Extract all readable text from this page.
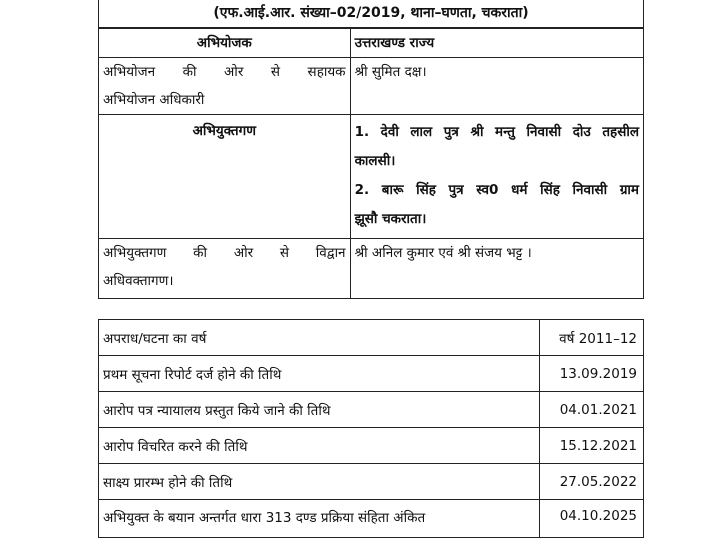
(एफ.आई.आर. संख्या–02/2019, थाना–घणता, चकराता)
अभियोजक	उत्तराखण्ड राज्य

अभियोजन की ओर से सहायक
अभियोजन अधिकारी	श्री सुमित दक्ष।
अभियुक्तगण	1. देवी लाल पुत्र श्री मन्तु निवासी दोउ तहसील
कालसी।
2. बारू सिंह पुत्र स्व0 धर्म सिंह निवासी ग्राम
झूसौ चकराता।

अभियुक्तगण की ओर से विद्वान
अधिवक्तागण।	श्री अनिल कुमार एवं श्री संजय भट्ट ।
अपराध/घटना का वर्ष	वर्ष 2011–12
प्रथम सूचना रिपोर्ट दर्ज होने की तिथि	13.09.2019
आरोप पत्र न्यायालय प्रस्तुत किये जाने की तिथि	04.01.2021
आरोप विचरित करने की तिथि	15.12.2021
साक्ष्य प्रारम्भ होने की तिथि	27.05.2022
अभियुक्त के बयान अन्तर्गत धारा 313 दण्ड प्रक्रिया संहिता अंकित	04.10.2025
